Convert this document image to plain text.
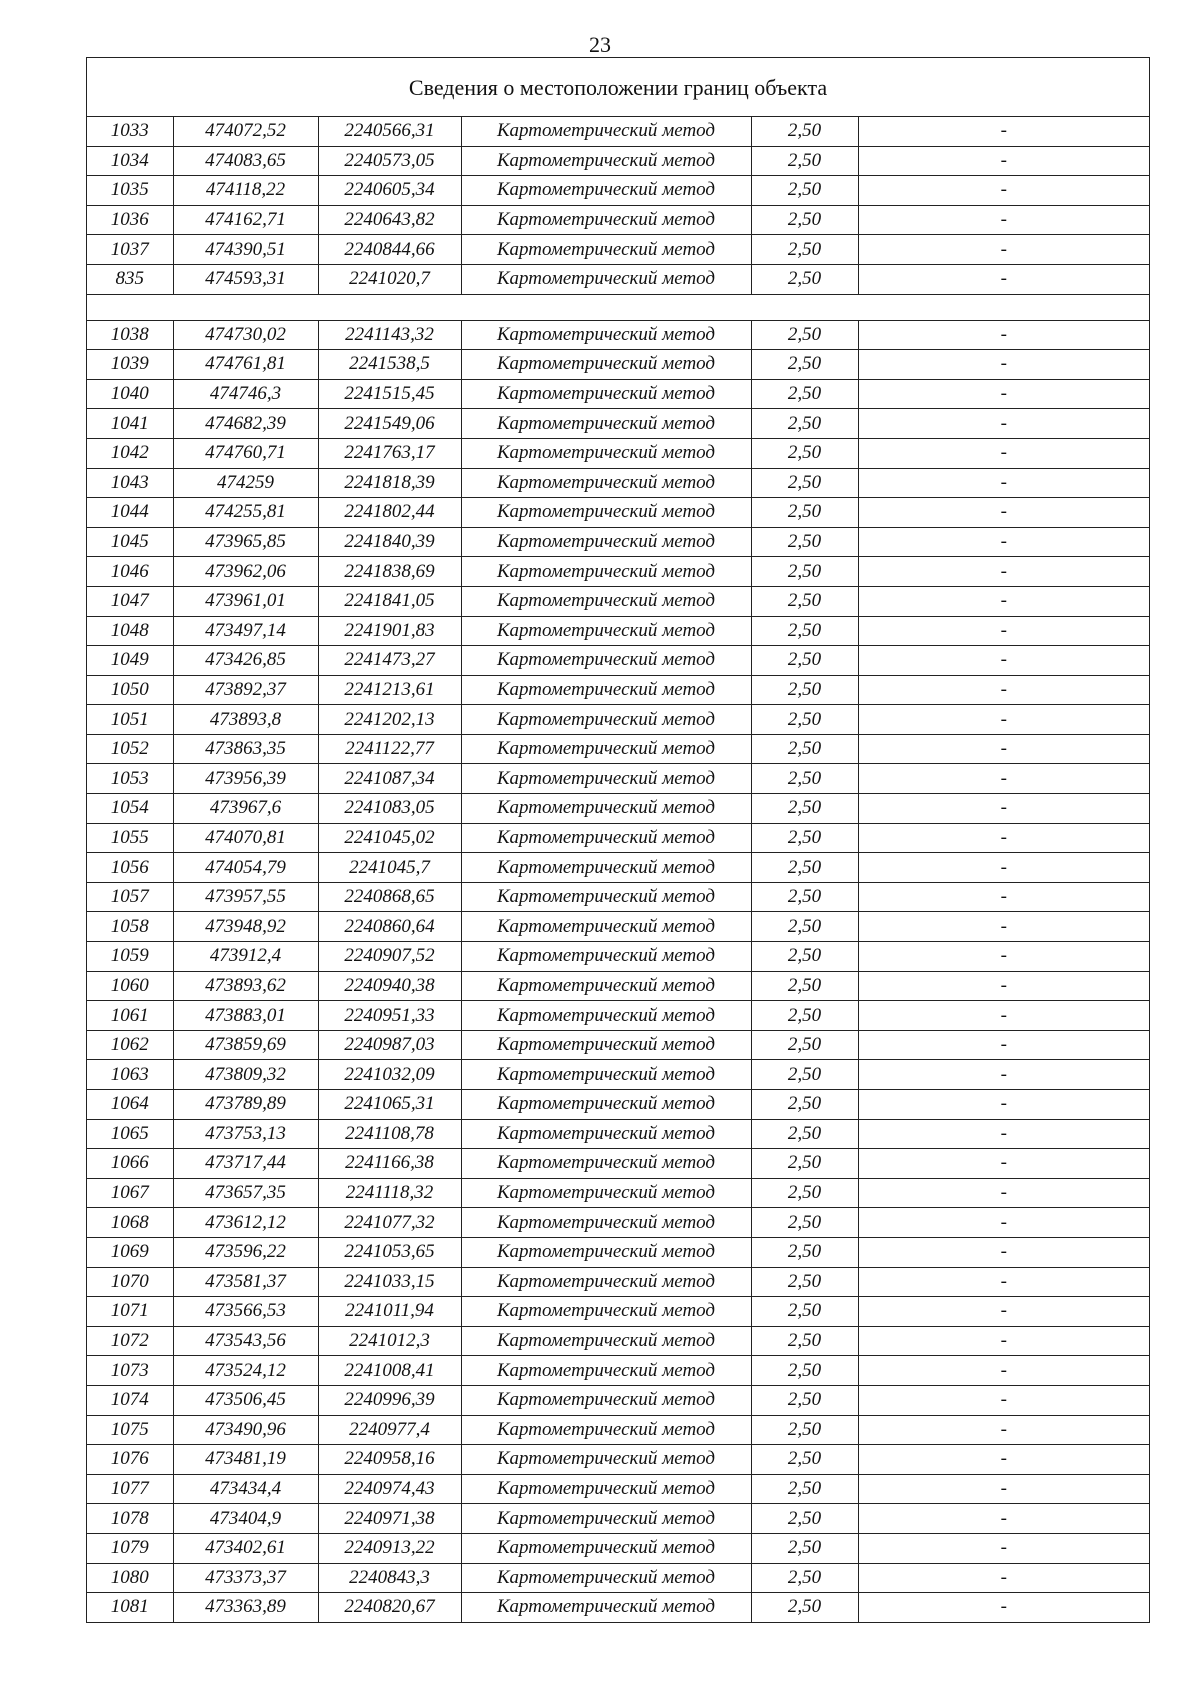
23
Сведения о местоположении границ объекта
1033	474072,52	2240566,31	Картометрический метод	2,50	-
1034	474083,65	2240573,05	Картометрический метод	2,50	-
1035	474118,22	2240605,34	Картометрический метод	2,50	-
1036	474162,71	2240643,82	Картометрический метод	2,50	-
1037	474390,51	2240844,66	Картометрический метод	2,50	-
835	474593,31	2241020,7	Картометрический метод	2,50	-

1038	474730,02	2241143,32	Картометрический метод	2,50	-
1039	474761,81	2241538,5	Картометрический метод	2,50	-
1040	474746,3	2241515,45	Картометрический метод	2,50	-
1041	474682,39	2241549,06	Картометрический метод	2,50	-
1042	474760,71	2241763,17	Картометрический метод	2,50	-
1043	474259	2241818,39	Картометрический метод	2,50	-
1044	474255,81	2241802,44	Картометрический метод	2,50	-
1045	473965,85	2241840,39	Картометрический метод	2,50	-
1046	473962,06	2241838,69	Картометрический метод	2,50	-
1047	473961,01	2241841,05	Картометрический метод	2,50	-
1048	473497,14	2241901,83	Картометрический метод	2,50	-
1049	473426,85	2241473,27	Картометрический метод	2,50	-
1050	473892,37	2241213,61	Картометрический метод	2,50	-
1051	473893,8	2241202,13	Картометрический метод	2,50	-
1052	473863,35	2241122,77	Картометрический метод	2,50	-
1053	473956,39	2241087,34	Картометрический метод	2,50	-
1054	473967,6	2241083,05	Картометрический метод	2,50	-
1055	474070,81	2241045,02	Картометрический метод	2,50	-
1056	474054,79	2241045,7	Картометрический метод	2,50	-
1057	473957,55	2240868,65	Картометрический метод	2,50	-
1058	473948,92	2240860,64	Картометрический метод	2,50	-
1059	473912,4	2240907,52	Картометрический метод	2,50	-
1060	473893,62	2240940,38	Картометрический метод	2,50	-
1061	473883,01	2240951,33	Картометрический метод	2,50	-
1062	473859,69	2240987,03	Картометрический метод	2,50	-
1063	473809,32	2241032,09	Картометрический метод	2,50	-
1064	473789,89	2241065,31	Картометрический метод	2,50	-
1065	473753,13	2241108,78	Картометрический метод	2,50	-
1066	473717,44	2241166,38	Картометрический метод	2,50	-
1067	473657,35	2241118,32	Картометрический метод	2,50	-
1068	473612,12	2241077,32	Картометрический метод	2,50	-
1069	473596,22	2241053,65	Картометрический метод	2,50	-
1070	473581,37	2241033,15	Картометрический метод	2,50	-
1071	473566,53	2241011,94	Картометрический метод	2,50	-
1072	473543,56	2241012,3	Картометрический метод	2,50	-
1073	473524,12	2241008,41	Картометрический метод	2,50	-
1074	473506,45	2240996,39	Картометрический метод	2,50	-
1075	473490,96	2240977,4	Картометрический метод	2,50	-
1076	473481,19	2240958,16	Картометрический метод	2,50	-
1077	473434,4	2240974,43	Картометрический метод	2,50	-
1078	473404,9	2240971,38	Картометрический метод	2,50	-
1079	473402,61	2240913,22	Картометрический метод	2,50	-
1080	473373,37	2240843,3	Картометрический метод	2,50	-
1081	473363,89	2240820,67	Картометрический метод	2,50	-
